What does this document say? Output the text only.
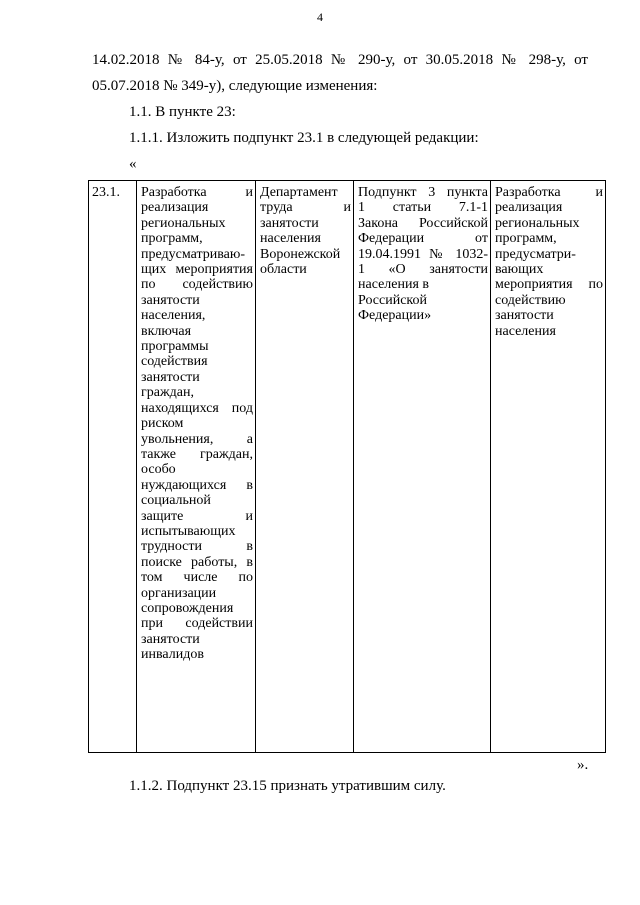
4
14.02.2018 № 84-у, от 25.05.2018 № 290-у, от 30.05.2018 № 298-у, от
05.07.2018 № 349-у), следующие изменения:
1.1. В пункте 23:
1.1.1. Изложить подпункт 23.1 в следующей редакции:
«
23.1.	Разработка и

реализация

региональных

программ,

предусматриваю-

щих мероприятия

по содействию

занятости

населения,

включая

программы

содействия

занятости

граждан,

находящихся под

риском

увольнения, а

также граждан,

особо

нуждающихся в

социальной

защите и

испытывающих

трудности в

поиске работы, в

том числе по

организации

сопровождения

при содействии

занятости

инвалидов

Департамент

труда и

занятости

населения

Воронежской

области

Подпункт 3 пункта

1 статьи 7.1-1

Закона Российской

Федерации от

19.04.1991 № 1032-

1 «О занятости

населения в

Российской

Федерации»

Разработка и

реализация

региональных

программ,

предусматри-

вающих

мероприятия по

содействию

занятости

населения

».
1.1.2. Подпункт 23.15 признать утратившим силу.
